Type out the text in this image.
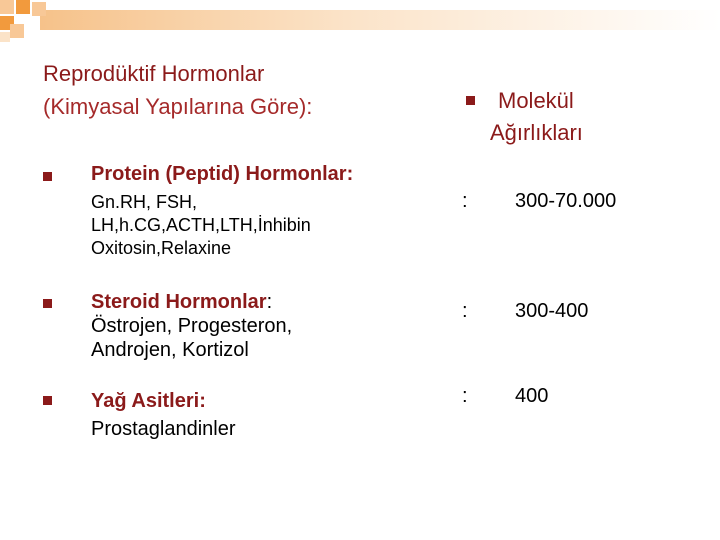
Reprodüktif Hormonlar
(Kimyasal Yapılarına Göre):	Molekül
Ağırlıkları
Protein (Peptid) Hormonlar:
Gn.RH, FSH,
LH,h.CG,ACTH,LTH,İnhibin
Oxitosin,Relaxine
: 300-70.000
Steroid Hormonlar:
Östrojen, Progesteron,
Androjen, Kortizol
: 300-400
Yağ Asitleri:
Prostaglandinler
: 400
